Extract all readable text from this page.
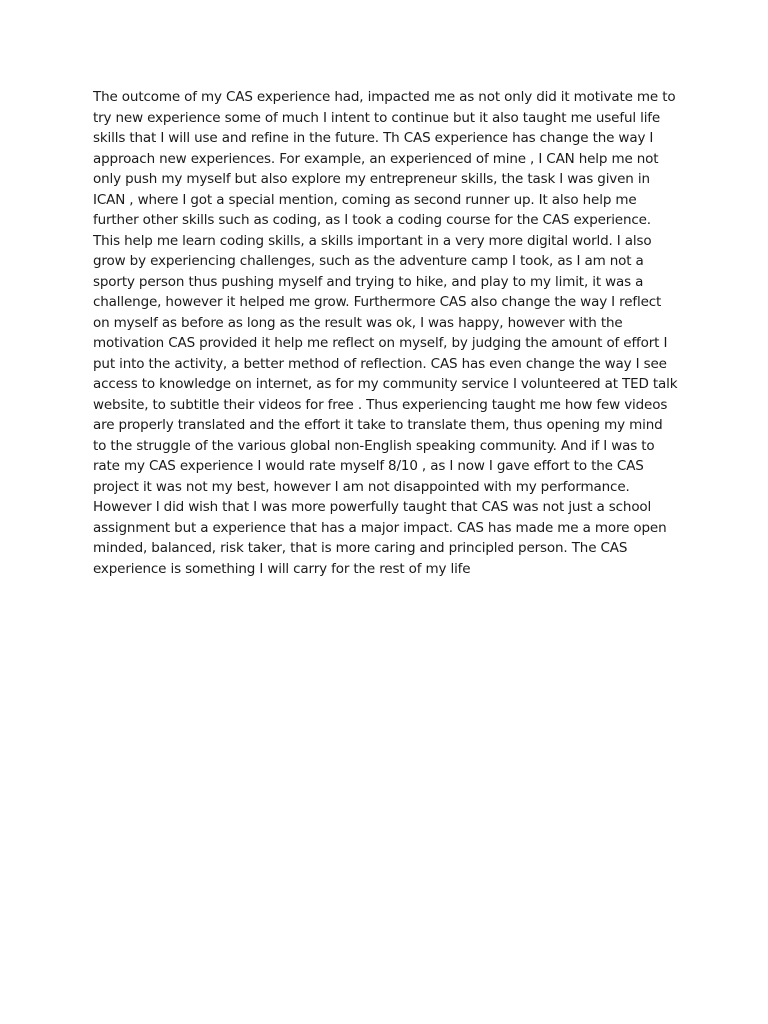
The outcome of my CAS experience had, impacted me as not only did it motivate me to try new experience some of much I intent to continue but it also taught me useful life skills that I will use and refine in the future. Th CAS experience has change the way I approach new experiences. For example, an experienced of mine , I CAN help me not only push my myself but also explore my entrepreneur skills, the task I was given in ICAN , where I got a special mention, coming as second runner up. It also help me further other skills such as coding, as I took a coding course for the CAS experience. This help me learn coding skills, a skills important in a very more digital world. I also grow by experiencing challenges, such as the adventure camp I took, as I am not a sporty person thus pushing myself and trying to hike, and play to my limit, it was a challenge, however it helped me grow. Furthermore CAS also change the way I reflect on myself as before as long as the result was ok, I was happy, however with the motivation CAS provided it help me reflect on myself, by judging the amount of effort I put into the activity, a better method of reflection. CAS has even change the way I see access to knowledge on internet, as for my community service I volunteered at TED talk website, to subtitle their videos for free . Thus experiencing taught me how few videos are properly translated and the effort it take to translate them, thus opening my mind to the struggle of the various global non-English speaking community. And if I was to rate my CAS experience I would rate myself 8/10 , as I now I gave effort to the CAS project it was not my best, however I am not disappointed with my performance. However I did wish that I was more powerfully taught that CAS was not just a school assignment but a experience that has a major impact. CAS has made me a more open minded, balanced, risk taker, that is more caring and principled person. The CAS experience is something I will carry for the rest of my life
